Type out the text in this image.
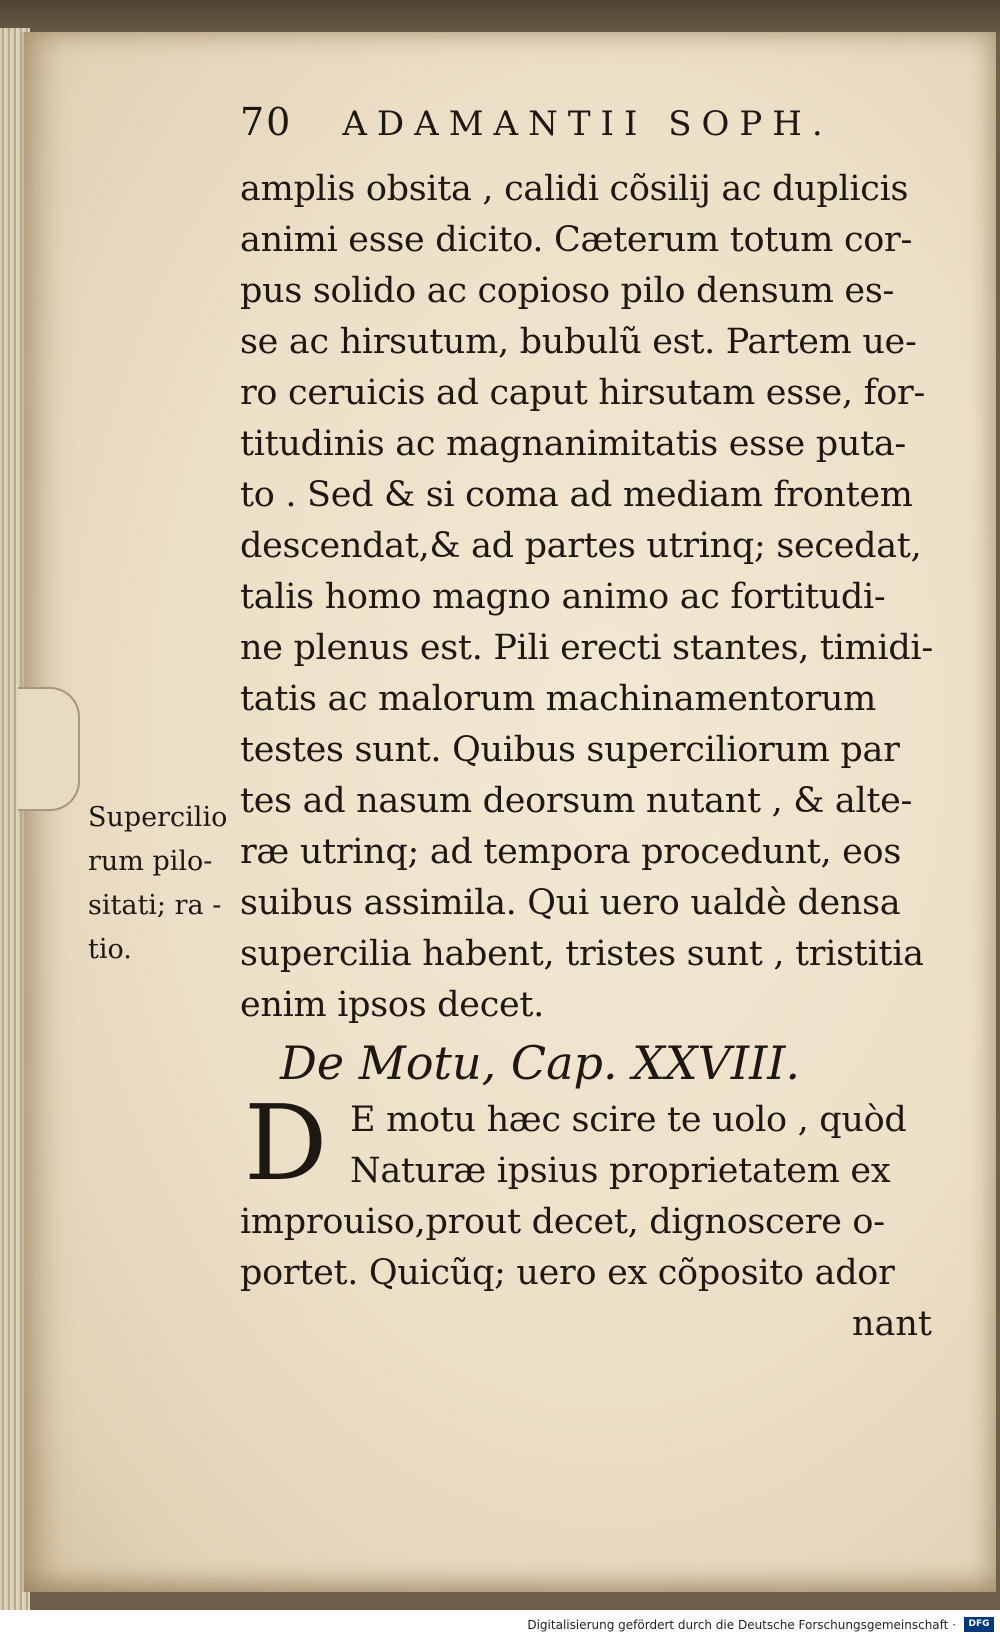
70 ADAMANTII SOPH.
amplis obsita , calidi cõsilij ac duplicis
animi esse dicito. Cæterum totum cor-
pus solido ac copioso pilo densum es-
se ac hirsutum, bubulũ est. Partem ue-
ro ceruicis ad caput hirsutam esse, for-
titudinis ac magnanimitatis esse puta-
to . Sed & si coma ad mediam frontem
descendat,& ad partes utrinq; secedat,
talis homo magno animo ac fortitudi-
ne plenus est. Pili erecti stantes, timidi-
tatis ac malorum machinamentorum
testes sunt. Quibus superciliorum par
tes ad nasum deorsum nutant , & alte-
ræ utrinq; ad tempora procedunt, eos
suibus assimila. Qui uero ualdè densa
supercilia habent, tristes sunt , tristitia
enim ipsos decet.
De Motu, Cap. XXVIII.
D E motu hæc scire te uolo , quòd
Naturæ ipsius proprietatem ex
improuiso,prout decet, dignoscere o-
portet. Quicũq; uero ex cõposito ador
nant
Supercilio
rum pilo-
sitati; ra -
tio.
Digitalisierung gefördert durch die Deutsche Forschungsgemeinschaft ·	DFG
